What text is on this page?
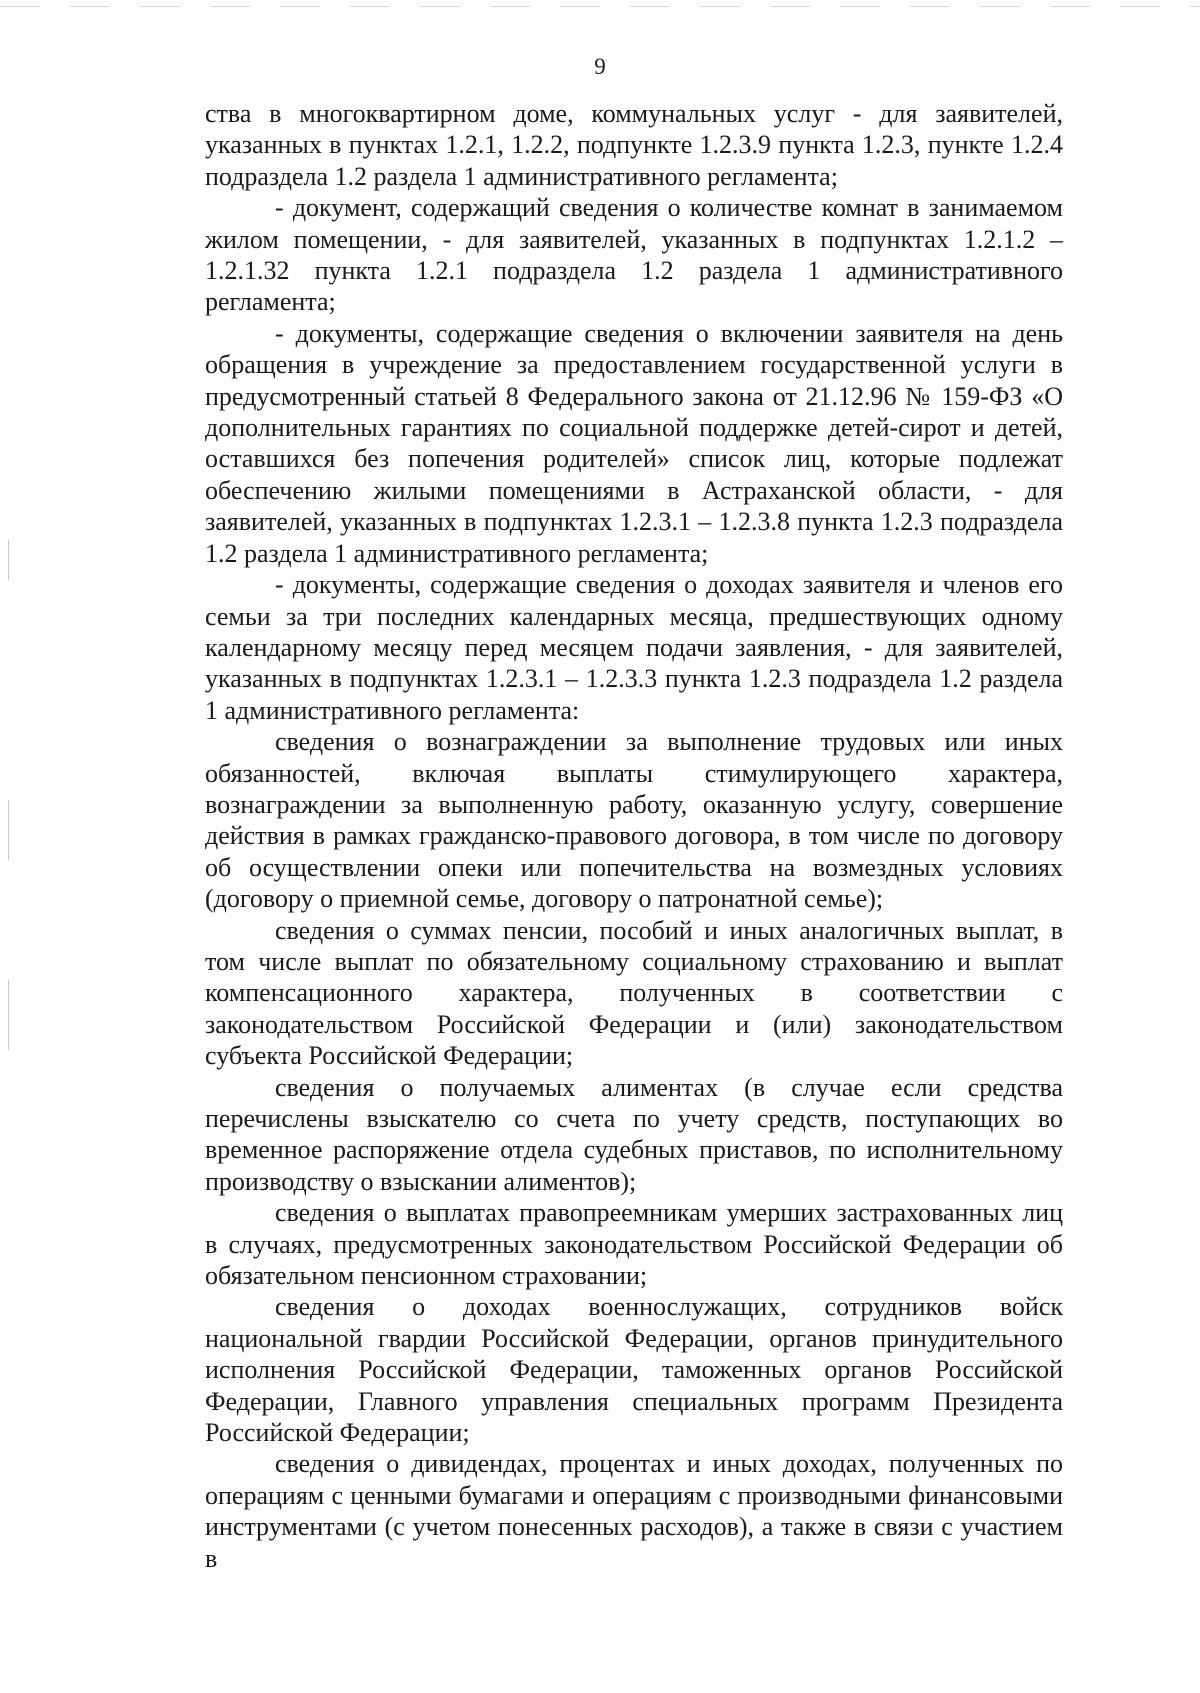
9

ства в многоквартирном доме, коммунальных услуг - для заявителей, указанных в пунктах 1.2.1, 1.2.2, подпункте 1.2.3.9 пункта 1.2.3, пункте 1.2.4 подраздела 1.2 раздела 1 административного регламента;

- документ, содержащий сведения о количестве комнат в занимаемом жилом помещении, - для заявителей, указанных в подпунктах 1.2.1.2 – 1.2.1.32 пункта 1.2.1 подраздела 1.2 раздела 1 административного регламента;

- документы, содержащие сведения о включении заявителя на день обращения в учреждение за предоставлением государственной услуги в предусмотренный статьей 8 Федерального закона от 21.12.96 № 159-ФЗ «О дополнительных гарантиях по социальной поддержке детей-сирот и детей, оставшихся без попечения родителей» список лиц, которые подлежат обеспечению жилыми помещениями в Астраханской области, - для заявителей, указанных в подпунктах 1.2.3.1 – 1.2.3.8 пункта 1.2.3 подраздела 1.2 раздела 1 административного регламента;

- документы, содержащие сведения о доходах заявителя и членов его семьи за три последних календарных месяца, предшествующих одному календарному месяцу перед месяцем подачи заявления, - для заявителей, указанных в подпунктах 1.2.3.1 – 1.2.3.3 пункта 1.2.3 подраздела 1.2 раздела 1 административного регламента:

сведения о вознаграждении за выполнение трудовых или иных обязанностей, включая выплаты стимулирующего характера, вознаграждении за выполненную работу, оказанную услугу, совершение действия в рамках гражданско-правового договора, в том числе по договору об осуществлении опеки или попечительства на возмездных условиях (договору о приемной семье, договору о патронатной семье);

сведения о суммах пенсии, пособий и иных аналогичных выплат, в том числе выплат по обязательному социальному страхованию и выплат компенсационного характера, полученных в соответствии с законодательством Российской Федерации и (или) законодательством субъекта Российской Федерации;

сведения о получаемых алиментах (в случае если средства перечислены взыскателю со счета по учету средств, поступающих во временное распоряжение отдела судебных приставов, по исполнительному производству о взыскании алиментов);

сведения о выплатах правопреемникам умерших застрахованных лиц в случаях, предусмотренных законодательством Российской Федерации об обязательном пенсионном страховании;

сведения о доходах военнослужащих, сотрудников войск национальной гвардии Российской Федерации, органов принудительного исполнения Российской Федерации, таможенных органов Российской Федерации, Главного управления специальных программ Президента Российской Федерации;

сведения о дивидендах, процентах и иных доходах, полученных по операциям с ценными бумагами и операциям с производными финансовыми инструментами (с учетом понесенных расходов), а также в связи с участием в
